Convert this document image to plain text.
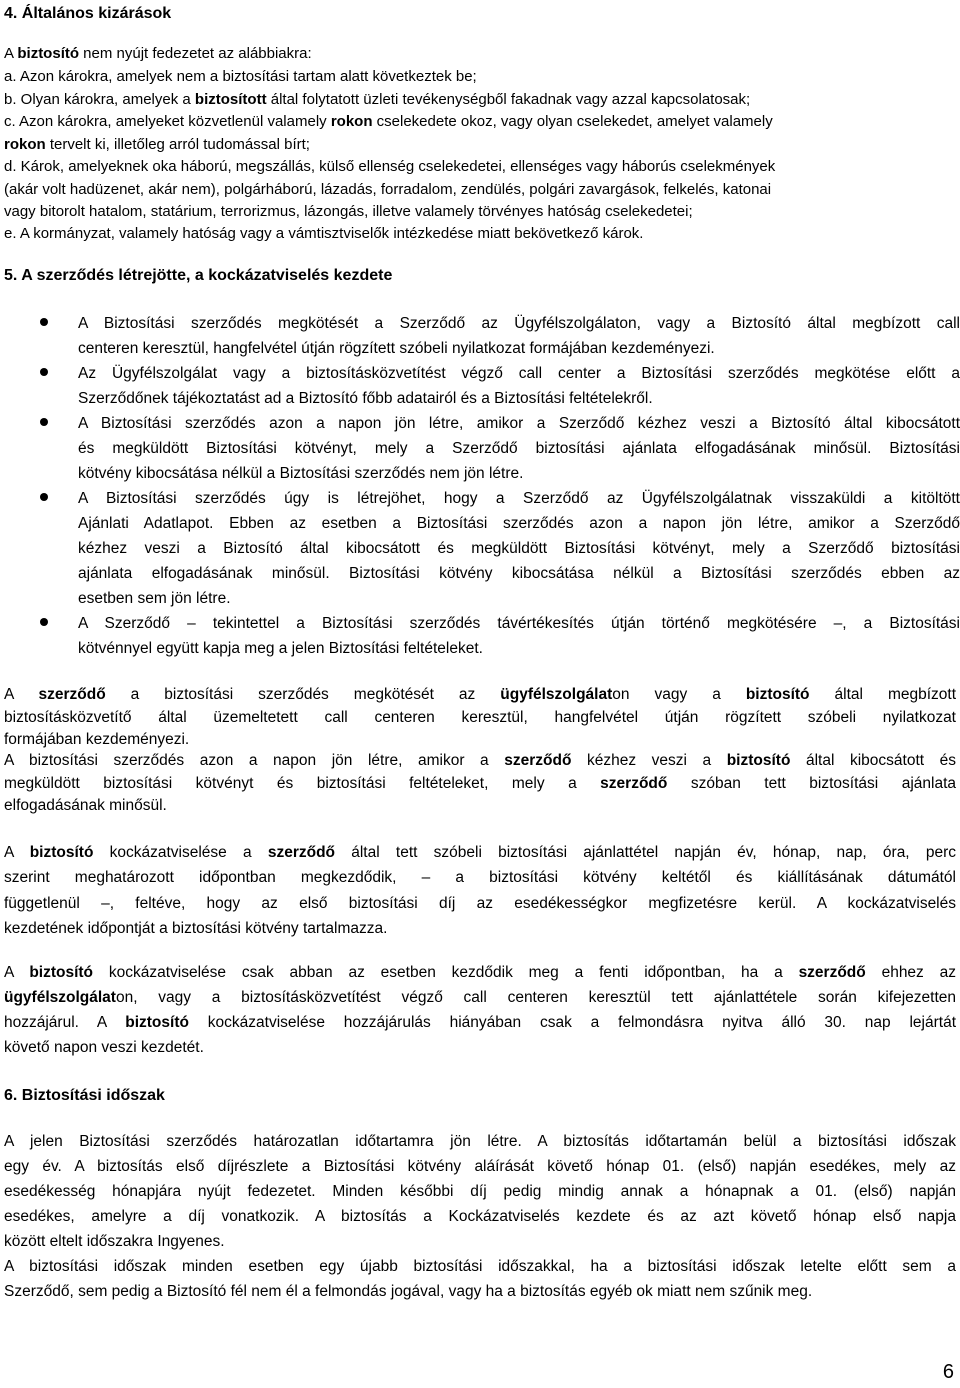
4. Általános kizárások
A biztosító nem nyújt fedezetet az alábbiakra:
a. Azon károkra, amelyek nem a biztosítási tartam alatt következtek be;
b. Olyan károkra, amelyek a biztosított által folytatott üzleti tevékenységből fakadnak vagy azzal kapcsolatosak;
c. Azon károkra, amelyeket közvetlenül valamely rokon cselekedete okoz, vagy olyan cselekedet, amelyet valamely
rokon tervelt ki, illetőleg arról tudomással bírt;
d. Károk, amelyeknek oka háború, megszállás, külső ellenség cselekedetei, ellenséges vagy háborús cselekmények
(akár volt hadüzenet, akár nem), polgárháború, lázadás, forradalom, zendülés, polgári zavargások, felkelés, katonai
vagy bitorolt hatalom, statárium, terrorizmus, lázongás, illetve valamely törvényes hatóság cselekedetei;
e. A kormányzat, valamely hatóság vagy a vámtisztviselők intézkedése miatt bekövetkező károk.
5. A szerződés létrejötte, a kockázatviselés kezdete
A Biztosítási szerződés megkötését a Szerződő az Ügyfélszolgálaton, vagy a Biztosító által megbízott call
centeren keresztül, hangfelvétel útján rögzített szóbeli nyilatkozat formájában kezdeményezi.
Az Ügyfélszolgálat vagy a biztosításközvetítést végző call center a Biztosítási szerződés megkötése előtt a
Szerződőnek tájékoztatást ad a Biztosító főbb adatairól és a Biztosítási feltételekről.
A Biztosítási szerződés azon a napon jön létre, amikor a Szerződő kézhez veszi a Biztosító által kibocsátott
és megküldött Biztosítási kötvényt, mely a Szerződő biztosítási ajánlata elfogadásának minősül. Biztosítási
kötvény kibocsátása nélkül a Biztosítási szerződés nem jön létre.
A Biztosítási szerződés úgy is létrejöhet, hogy a Szerződő az Ügyfélszolgálatnak visszaküldi a kitöltött
Ajánlati Adatlapot. Ebben az esetben a Biztosítási szerződés azon a napon jön létre, amikor a Szerződő
kézhez veszi a Biztosító által kibocsátott és megküldött Biztosítási kötvényt, mely a Szerződő biztosítási
ajánlata elfogadásának minősül. Biztosítási kötvény kibocsátása nélkül a Biztosítási szerződés ebben az
esetben sem jön létre.
A Szerződő – tekintettel a Biztosítási szerződés távértékesítés útján történő megkötésére –, a Biztosítási
kötvénnyel együtt kapja meg a jelen Biztosítási feltételeket.
A szerződő a biztosítási szerződés megkötését az ügyfélszolgálaton vagy a biztosító által megbízott
biztosításközvetítő által üzemeltetett call centeren keresztül, hangfelvétel útján rögzített szóbeli nyilatkozat
formájában kezdeményezi.
A biztosítási szerződés azon a napon jön létre, amikor a szerződő kézhez veszi a biztosító által kibocsátott és
megküldött biztosítási kötvényt és biztosítási feltételeket, mely a szerződő szóban tett biztosítási ajánlata
elfogadásának minősül.
A biztosító kockázatviselése a szerződő által tett szóbeli biztosítási ajánlattétel napján év, hónap, nap, óra, perc
szerint meghatározott időpontban megkezdődik, – a biztosítási kötvény keltétől és kiállításának dátumától
függetlenül –, feltéve, hogy az első biztosítási díj az esedékességkor megfizetésre kerül. A kockázatviselés
kezdetének időpontját a biztosítási kötvény tartalmazza.
A biztosító kockázatviselése csak abban az esetben kezdődik meg a fenti időpontban, ha a szerződő ehhez az
ügyfélszolgálaton, vagy a biztosításközvetítést végző call centeren keresztül tett ajánlattétele során kifejezetten
hozzájárul. A biztosító kockázatviselése hozzájárulás hiányában csak a felmondásra nyitva álló 30. nap lejártát
követő napon veszi kezdetét.
6. Biztosítási időszak
A jelen Biztosítási szerződés határozatlan időtartamra jön létre. A biztosítás időtartamán belül a biztosítási időszak
egy év. A biztosítás első díjrészlete a Biztosítási kötvény aláírását követő hónap 01. (első) napján esedékes, mely az
esedékesség hónapjára nyújt fedezetet. Minden későbbi díj pedig mindig annak a hónapnak a 01. (első) napján
esedékes, amelyre a díj vonatkozik. A biztosítás a Kockázatviselés kezdete és az azt követő hónap első napja
között eltelt időszakra Ingyenes.
A biztosítási időszak minden esetben egy újabb biztosítási időszakkal, ha a biztosítási időszak letelte előtt sem a
Szerződő, sem pedig a Biztosító fél nem él a felmondás jogával, vagy ha a biztosítás egyéb ok miatt nem szűnik meg.
6
